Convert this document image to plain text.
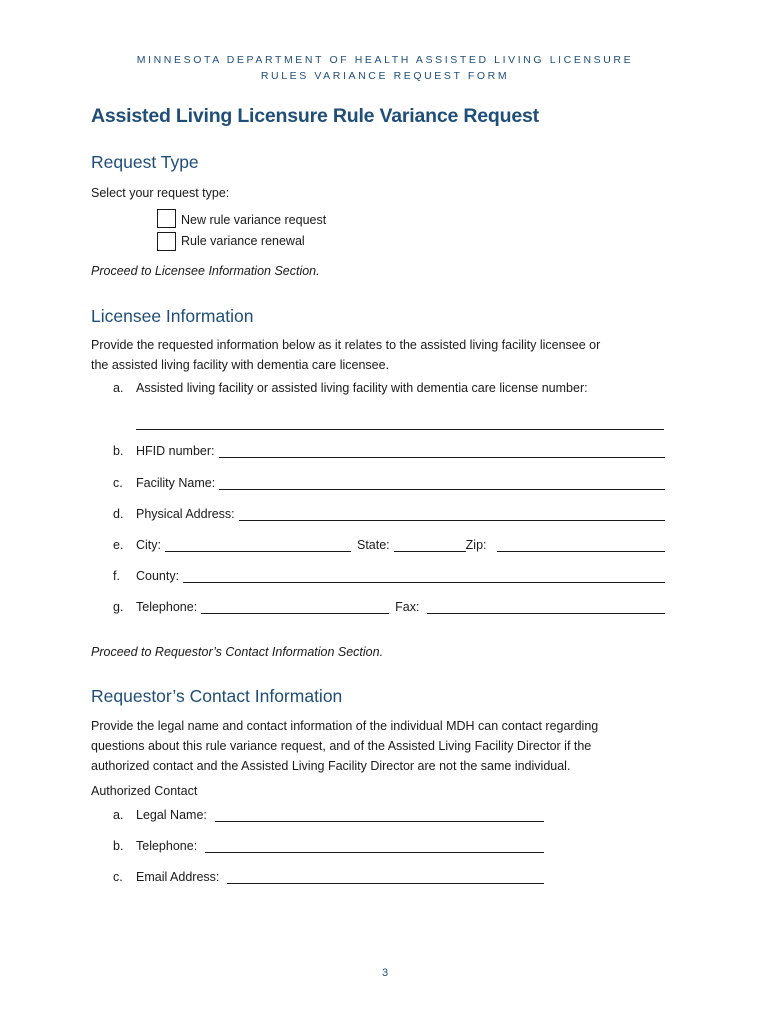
MINNESOTA DEPARTMENT OF HEALTH ASSISTED LIVING LICENSURE
RULES VARIANCE REQUEST FORM
Assisted Living Licensure Rule Variance Request
Request Type
Select your request type:
New rule variance request
Rule variance renewal
Proceed to Licensee Information Section.
Licensee Information
Provide the requested information below as it relates to the assisted living facility licensee or
the assisted living facility with dementia care licensee.
a.	Assisted living facility or assisted living facility with dementia care license number:
b.	HFID number:
c.	Facility Name:
d.	Physical Address:
e.	City:	State:	Zip:
f.	County:
g.	Telephone:	Fax:
Proceed to Requestor’s Contact Information Section.
Requestor’s Contact Information
Provide the legal name and contact information of the individual MDH can contact regarding
questions about this rule variance request, and of the Assisted Living Facility Director if the
authorized contact and the Assisted Living Facility Director are not the same individual.
Authorized Contact
a.	Legal Name:
b.	Telephone:
c.	Email Address:
3
